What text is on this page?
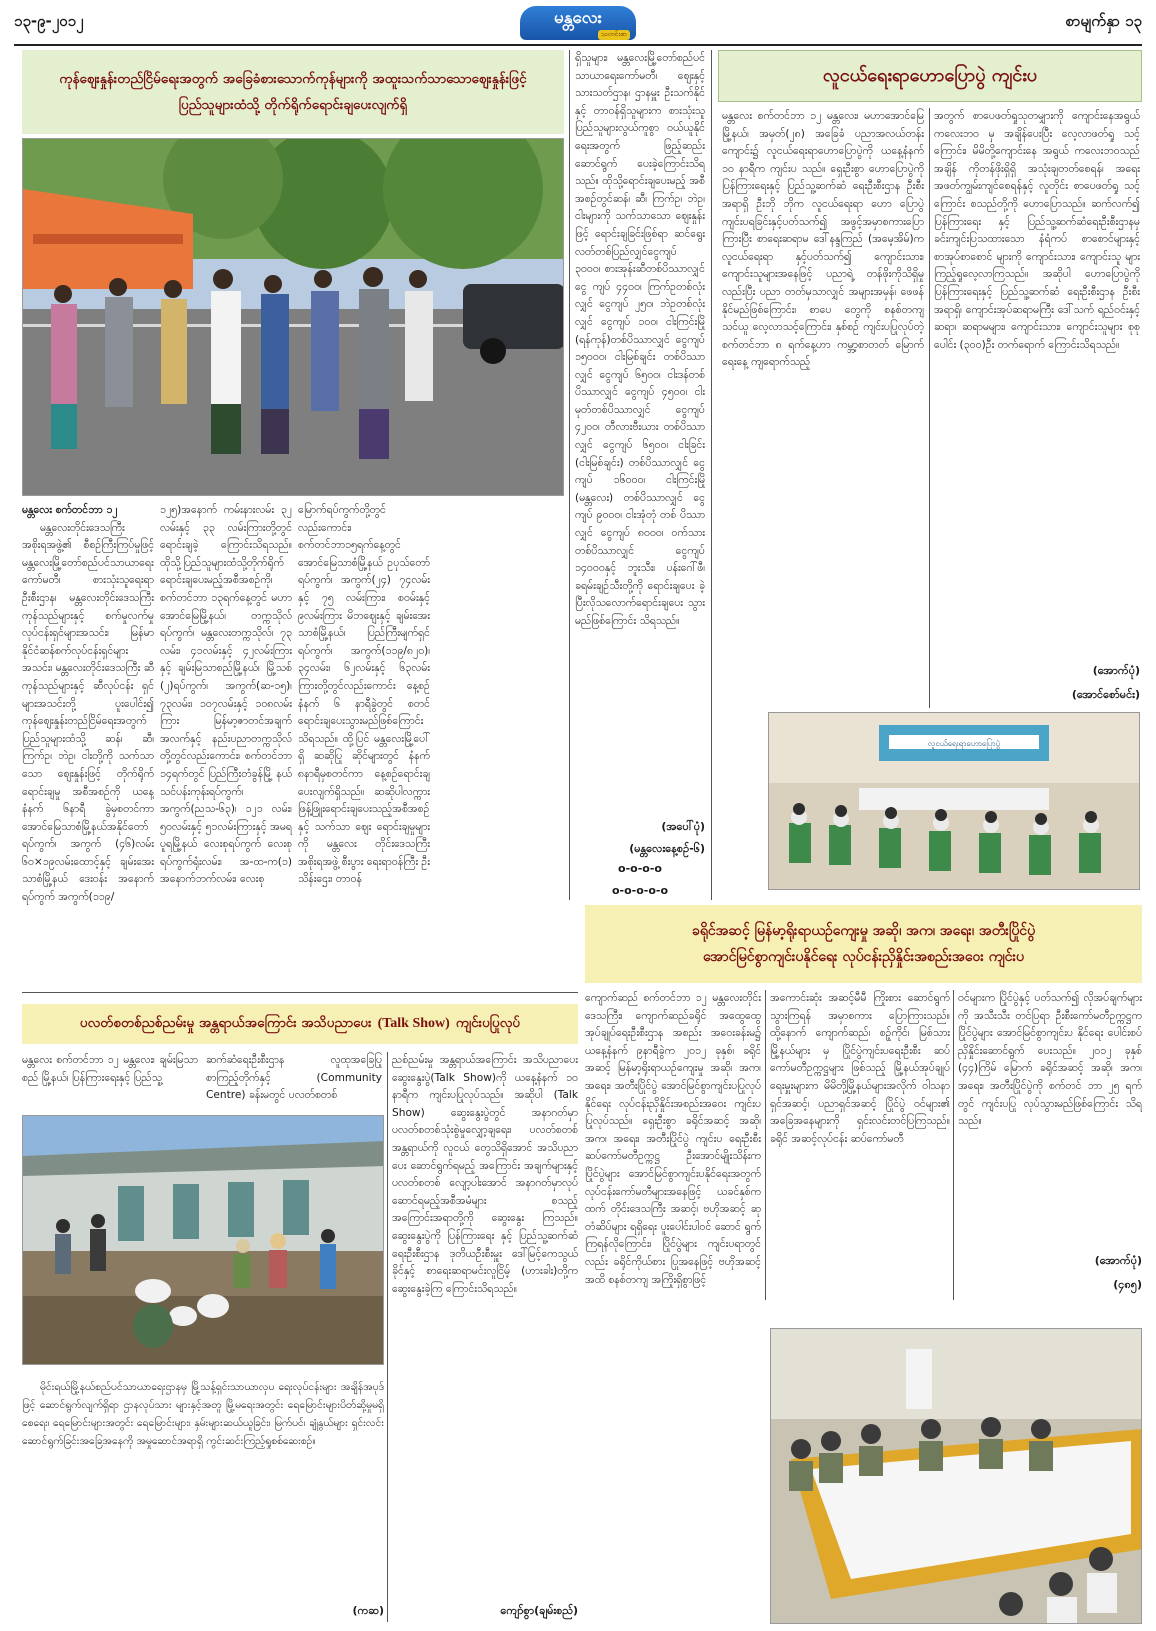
၁၃-၉-၂၀၁၂	မန္တလေး
သတင်းစာ
စာမျက်နှာ ၁၃
ကုန်ဈေးနှုန်းတည်ငြိမ်ရေးအတွက် အခြေခံစားသောက်ကုန်များကို အထူးသက်သာသောဈေးနှုန်းဖြင့်
ပြည်သူများထံသို့ တိုက်ရိုက်ရောင်းချပေးလျက်ရှိ

မန္တလေး စက်တင်ဘာ ၁၂

မန္တလေးတိုင်းဒေသကြီး အစိုးရအဖွဲ့၏ စီစဉ်ကြီးကြပ်မှုဖြင့် မန္တလေးမြို့တော်စည်ပင်သာယာရေးကော်မတီ၊ စားသုံးသူရေးရာ ဦးစီးဌာန၊ မန္တလေးတိုင်းဒေသကြီး ကုန်သည်များနှင့် စက်မှုလက်မှု လုပ်ငန်းရှင်များအသင်း၊ မြန်မာ နိုင်ငံဆန်စက်လုပ်ငန်းရှင်များ အသင်း၊ မန္တလေးတိုင်းဒေသကြီး ဆီကုန်သည်များနှင့် ဆီလုပ်ငန်း ရှင်များအသင်းတို့ ပူးပေါင်း၍ ကုန်ဈေးနှုန်းတည်ငြိမ်ရေးအတွက် ပြည်သူများထံသို့ ဆန်၊ ဆီ၊ ကြက်ဥ၊ ဘဲဥ၊ ငါးတို့ကို သက်သာသော ဈေးနှုန်းဖြင့် တိုက်ရိုက်ရောင်းချမှု အစီအစဉ်ကို ယနေ့ နံနက် ၆နာရီ ခွဲမှစတင်ကာ အောင်မြေသာစံမြို့နယ်အနိုင်တော်ရပ်ကွက်၊ အကွက် (၄၆)လမ်း ၆၀×၁၉လမ်းထောင့်နှင့် ချမ်းအေးသာစံမြို့နယ် ဒေးဝန်း အနောက်ရပ်ကွက် အကွက်(၁၁၉/

၁၂၅)အနောက် ကမ်းနားလမ်း ၃၂ လမ်းနှင့် ၃၃ လမ်းကြားတို့တွင် ရောင်းချခဲ့ ကြောင်းသိရသည်။ ထိုသို့ပြည်သူများထံသို့တိုက်ရိုက်ရောင်းချပေးမည့်အစီအစဉ်ကို၊ စက်တင်ဘာ ၁၃ရက်နေ့တွင် မဟာအောင်မြေမြို့နယ်၊ တက္ကသိုလ်ရပ်ကွက်၊ မန္တလေးတက္ကသိုလ်၊ ၇၃ လမ်း၊ ၄၁လမ်းနှင့် ၄၂လမ်းကြား နှင့် ချမ်းမြသာစည်မြို့နယ်၊ မြို့သစ် (၂)ရပ်ကွက်၊ အကွက်(ဆ-၁၅)၊ ၇၃လမ်း၊ ၁၀၇လမ်းနှင့် ၁၀၈လမ်း ကြား မြန်မာ့ဇာတင်အချက် အလက်နှင့် နည်းပညာတက္ကသိုလ် တို့တွင်လည်းကောင်း၊ စက်တင်ဘာ ၁၄ရက်တွင် ပြည်ကြီးတံခွန်မြို့ နယ် သင်ပန်းကုန်းရပ်ကွက်၊ အကွက်(ညသ-၆၃)၊ ၁၂၁ လမ်း၊ ၅၀လမ်းနှင့် ၅၁လမ်းကြားနှင့် အမရပူရမြို့နယ် လေးစုရပ်ကွက် လေးစု ရပ်ကွက်ရုံးလမ်း၊ အ-ထ-က(၁) အနောက်ဘက်လမ်း၊ လေးစု

မြောက်ရပ်ကွက်တို့တွင် လည်းကောင်း၊ စက်တင်ဘာ၁၅ရက်နေ့တွင် အောင်မြေသာစံမြို့နယ် ဥပုသ်တော်ရပ်ကွက်၊ အကွက်(၂၄) ၇၄လမ်းနှင့် ၇၅ လမ်းကြား၊ စဝမ်းနှင့် ၉လမ်းကြား မိဘဈေးနှင့် ချမ်းအေးသာစံမြို့နယ်၊ ပြည်ကြီးမျက်ရှင် ရပ်ကွက်၊ အကွက်(၁၁၉/၈၂၀)၊ ၃၄လမ်း၊ ၆၂လမ်းနှင့် ၆၃လမ်း ကြားတို့တွင်လည်းကောင်း နေ့စဉ် နံနက် ၆ နာရီခွဲတွင် စတင် ရောင်းချပေးသွားမည်ဖြစ်ကြောင်း သိရသည်။ ထို့ပြင် မန္တလေးမြို့ပေါ်ရှိ ဆဆိုပြု ဆိုင်များတွင် နံနက် ၈နာရီမှစတင်ကာ နေ့စဉ်ရောင်းချ ပေးလျက်ရှိသည်။ ဆဆိုပါလက္ကားဖြန့်ဖြူးရောင်းချပေးသည့်အစီအစဉ်နှင့် သက်သာ ဈေး ရောင်းချမှုများကို မန္တလေး တိုင်းဒေသကြီးအစိုးရအဖွဲ့ စီးပွား ရေးရာဝန်ကြီး ဦးသိန်းဌေး၊ တာဝန်

ရှိသူများ၊ မန္တလေးမြို့တော်စည်ပင် သာယာရေးကော်မတီ၊ ဈေးနှင့် သားသတ်ဌာန၊ ဌာနမှူး ဦးသက်နိုင်နှင့် တာဝန်ရှိသူများက စားသုံးသူ ပြည်သူများလွယ်ကူစွာ ဝယ်ယူနိုင် ရေးအတွက် ဖြည့်ဆည်းဆောင်ရွက် ပေးခဲ့ကြောင်းသိရသည်။ ထိုသို့ရောင်းချပေးမည့် အစီ အစဉ်တွင်ဆန်၊ ဆီ၊ ကြက်ဥ၊ ဘဲဥ၊ ငါးများကို သက်သာသော ဈေးနှုန်း ဖြင့် ရောင်းချခြင်းဖြစ်ရာ ဆင်ရွေး လတ်တစ်ပြည်လျှင်ငွေကျပ် ၃၀၀၀၊ စားအုန်းဆီတစ်ပိဿာလျှင် ငွေ ကျပ် ၄၄၀၀၊ ကြက်ဥတစ်လုံးလျှင် ငွေကျပ် ၂၅၀၊ ဘဲဥတစ်လုံးလျှင် ငွေကျပ် ၁၀၀၊ ငါးကြင်းမြို (ရန်ကုန်)တစ်ပိဿာလျှင် ငွေကျပ် ၁၅၀၀၀၊ ငါးမြစ်ချင်း တစ်ပိဿာ လျှင် ငွေကျပ် ၆၅၀၀၊ ငါးဒန်တစ် ပိဿာလျှင် ငွေကျပ် ၄၅၀၀၊ ငါး မုတ်တစ်ပိဿာလျှင် ငွေကျပ် ၄၂၀၀၊ တီလားဗီးယား တစ်ပိဿာ လျှင် ငွေကျပ် ၆၅၀၀၊ ငါးခြင်း (ငါးမြစ်ချင်း) တစ်ပိဿာလျှင် ငွေ ကျပ် ၁၆၀၀၀၊ ငါးကြင်းမြို (မန္တလေး) တစ်ပိဿာလျှင် ငွေ ကျပ် ၉၀၀၀၊ ငါးအုံတုံ တစ် ပိဿာလျှင် ငွေကျပ် ၈၀၀၀၊ ဝက်သား တစ်ပိဿာလျှင် ငွေကျပ် ၁၄၀၀၀နှင့် ဘူးသီး၊ ပန်းဂေါ်ဖီ၊ ခရမ်းချဉ်သီးတို့ကို ရောင်းချပေး ခဲ့ပြီးလိုသလောက်ရောင်းချပေး သွားမည်ဖြစ်ကြောင်း သိရသည်။

(အပေါ်ပုံ)
(မန္တလေးနေ့စဉ်-၆)
o-o-o-o
o-o-o-o-o
လူငယ်ရေးရာဟောပြောပွဲ ကျင်းပ

မန္တလေး စက်တင်ဘာ ၁၂ မန္တလေး၊ မဟာအောင်မြေ မြို့နယ်၊ အမှတ်(၂၈) အခြေခံ ပညာအလယ်တန်းကျောင်း၌ လူငယ်ရေးရာဟောပြောပွဲကို ယနေ့နံနက် ၁၀ နာရီက ကျင်းပ သည်။ ရှေးဦးစွာ ဟောပြောပွဲကို ပြန်ကြားရေးနှင့် ပြည်သူ့ဆက်ဆံ ရေးဦးစီးဌာန ဦးစီးအရာရှိ ဦးဘို ဘိုက လူငယ်ရေးရာ ဟော ပြောပွဲကျင်းပရခြင်းနှင့်ပတ်သက်၍ အဖွင့်အမှာစကားပြောကြားပြီး စာရေးဆရာမ ဒေါ်နန္ဒကြည် (အမေ့အိမ်)က လူငယ်ရေးရာ နှင့်ပတ်သက်၍ ကျောင်းသား၊ ကျောင်းသူများအနေဖြင့် ပညာရဲ့ တန်ဖိုးကိုသိရှိမှုလည်းပြီး ပညာ တတ်မှသာလျှင် အများအမှန်၊ ဖေဖန်နိုင်မည်ဖြစ်ကြောင်း၊ စာပေ တွေကို စနစ်တကျ သင်ယူ လေ့လာသင့်ကြောင်း၊ နှစ်စဉ် ကျင်းပပြုလုပ်တဲ့ စက်တင်ဘာ ၈ ရက်နေ့ဟာ ကမ္ဘာ့စာတတ် မြောက်ရေးနေ့ ကျရောက်သည့်

အတွက် စာပေဖတ်ရှုသုတမျှားကို ကျောင်းနေအရွယ် ကလေးဘဝ မှ အချိန်ပေးပြီး လေ့လာဖတ်ရှု သင့်ကြောင်း၊ မိမိတို့ကျောင်းနေ အရွယ် ကလေးဘဝသည် အချိန် ကိုတန်ဖိုးရှိရှိ အသုံးချတတ်စေရန်၊ အရေးအဖတ်ကျွမ်းကျင်စေရန်နှင့် လူတိုင်း စာပေဖတ်ရှု သင့်ကြောင်း စသည်တို့ကို ဟောပြောသည်။ ဆက်လက်၍ ပြန်ကြားရေး နှင့် ပြည်သူ့ဆက်ဆံရေးဦးစီးဌာနမှ ခင်းကျင်းပြသထားသော နံရံကပ် စာစောင်များနှင့် စာအုပ်စာစောင် များကို ကျောင်းသား၊ ကျောင်းသူ များ ကြည့်ရှုလေ့လာကြသည်။ အဆိုပါ ဟောပြောပွဲကို ပြန်ကြားရေးနှင့် ပြည်သူ့ဆက်ဆံ ရေးဦးစီးဌာန ဦးစီးအရာရှိ၊ ကျောင်းအုပ်ဆရာမကြီး ဒေါ်သက် ရည်ဝင်းနှင့် ဆရာ၊ ဆရာမများ၊ ကျောင်းသား၊ ကျောင်းသူများ စုစု ပေါင်း (၃၀၀)ဦး တက်ရောက် ကြောင်းသိရသည်။

(အောက်ပုံ)
(အောင်စော်မင်း)
လူငယ်ရေးရာဟောပြောပွဲ
ခရိုင်အဆင့် မြန်မာ့ရိုးရာယဉ်ကျေးမှု အဆို၊ အက၊ အရေး၊ အတီးပြိုင်ပွဲ
အောင်မြင်စွာကျင်းပနိုင်ရေး လုပ်ငန်းညှိနှိုင်းအစည်းအဝေး ကျင်းပ

ကျောက်ဆည် စက်တင်ဘာ ၁၂ မန္တလေးတိုင်းဒေသကြီး၊ ကျောက်ဆည်ခရိုင် အထွေထွေ အုပ်ချုပ်ရေးဦးစီးဌာန အစည်း အဝေးခန်းမ၌ ယနေ့နံနက် ၉နာရီခွဲက ၂၀၁၂ ခုနှစ်၊ ခရိုင် အဆင့် မြန်မာ့ရိုးရာယဉ်ကျေးမှု အဆို၊ အက၊ အရေး၊ အတီးပြိုင်ပွဲ အောင်မြင်စွာကျင်းပပြုလုပ်နိုင်ရေး လုပ်ငန်းညှိနှိုင်းအစည်းအဝေး ကျင်းပပြုလုပ်သည်။ ရှေးဦးစွာ ခရိုင်အဆင့် အဆို၊ အက၊ အရေး၊ အတီးပြိုင်ပွဲ ကျင်းပ ရေးဦးစီးဆပ်ကော်မတီဥက္ကဋ္ဌ ဦးအောင်မျိုးသိန်းက ပြိုင်ပွဲများ အောင်မြင်စွာကျင်းပနိုင်ရေးအတွက် လုပ်ငန်းကော်မတီများအနေဖြင့် ယခင်နှစ်ကထက် တိုင်းဒေသကြီး အဆင့်၊ ဗဟိုအဆင့် ဆုတံဆိပ်များ ရရှိရေး ပူးပေါင်းပါဝင် ဆောင် ရွက်ကြရန်လိုကြောင်း၊ ပြိုင်ပွဲများ ကျင်းပရာတွင်လည်း ခရိုင်ကိုယ်စား ပြုအနေဖြင့် ဗဟိုအဆင့် အထိ စနစ်တကျ အကြိုးရှိစွာဖြင့်

အကောင်းဆုံး အဆင့်မီမီ ကြိုးစား ဆောင်ရွက်သွားကြရန် အမှာစကား ပြောကြားသည်။ ထို့နောက် ကျောက်ဆည်၊ စဉ့်ကိုင်၊ မြစ်သားမြို့နယ်များ မှ ပြိုင်ပွဲကျင်းပရေးဦးစီး ဆပ် ကော်မတီဥက္ကဋ္ဌများ ဖြစ်သည့် မြို့နယ်အုပ်ချုပ်ရေးမှူးများက မိမိတို့မြို့နယ်များအလိုက် ဝါသနာ ရှင်အဆင့်၊ ပညာရှင်အဆင့် ပြိုင်ပွဲ ဝင်များ၏ အခြေအနေများကို ရှင်းလင်းတင်ပြကြသည်။ ခရိုင် အဆင့်လုပ်ငန်း ဆပ်ကော်မတီ

ဝင်များက ပြိုင်ပွဲနှင့် ပတ်သက်၍ လိုအပ်ချက်များကို အသီးသီး တင်ပြရာ ဦးစီးကော်မတီဥက္ကဋ္ဌက ပြိုင်ပွဲများ အောင်မြင်စွာကျင်းပ နိုင်ရေး ပေါင်းစပ်ညှိနှိုင်းဆောင်ရွက် ပေးသည်။ ၂၀၁၂ ခုနှစ် (၄၄)ကြိမ် မြောက် ခရိုင်အဆင့် အဆို၊ အက၊ အရေး၊ အတီးပြိုင်ပွဲကို စက်တင် ဘာ ၂၅ ရက်တွင် ကျင်းပပြု လုပ်သွားမည်ဖြစ်ကြောင်း သိရ သည်။

(အောက်ပုံ)
(၄၈၅)
ပလတ်စတစ်ညစ်ညမ်းမှု အန္တရာယ်အကြောင်း အသိပညာပေး (Talk Show) ကျင်းပပြုလုပ်

မန္တလေး စက်တင်ဘာ ၁၂ မန္တလေး၊ ချမ်းမြသာစည် မြို့နယ်၊ ပြန်ကြားရေးနှင့် ပြည်သူ့

ဆက်ဆံရေးဦးစီးဌာန လူထုအခြေပြုစာကြည့်တိုက်နှင့် (Community Centre) ခန်းမတွင် ပလတ်စတစ်

ညစ်ညမ်းမှု အန္တရာယ်အကြောင်း အသိပညာပေး ဆွေးနွေးပွဲ(Talk Show)ကို ယနေ့နံနက် ၁၀ နာရီက ကျင်းပပြုလုပ်သည်။ အဆိုပါ (Talk Show) ဆွေးနွေးပွဲတွင် အနာဂတ်မှာ ပလတ်စတစ်သုံးစွဲမှုလျှော့ချရေး၊ ပလတ်စတစ်အန္တရာယ်ကို လူငယ် တွေသိရှိအောင် အသိပညာပေး ဆောင်ရွက်ရမည့် အကြောင်း အချက်များနှင့် ပလတ်စတစ် လျော့ပါးအောင် အနာဂတ်မှာလုပ် ဆောင်ရမည့်အစီအမံများ စသည့် အကြောင်းအရာတို့ကို ဆွေးနွေး ကြသည်။ ဆွေးနွေးပွဲကို ပြန်ကြားရေး နှင့် ပြည်သူ့ဆက်ဆံရေးဦးစီးဌာန ဒုတိယဦးစီးမှူး ဒေါ်မြင့်ကေသွယ် ခိုင်နှင့် စာရေးဆရာမင်းလူငြိမ့် (ဟားခါး)တို့က ဆွေးနွေးခဲ့ကြ ကြောင်းသိရသည်။

ကျော်စွာ(ချမ်းစည်)

မိုင်းရယ်မြို့နယ်စည်ပင်သာယာရေးဌာနမှ မြို့သန့်ရှင်းသာယာလှပ ရေးလုပ်ငန်းများ အချိန်အပုဒ်ဖြင့် ဆောင်ရွက်လျက်ရှိရာ ဌာနလုပ်သား များနှင့်အတူ မြို့မရေးအတွင်း ရေမြောင်းများပိတ်ဆို့မှုမရှိစေရေး၊ ရေမြောင်းများအတွင်း ရေမြောင်းများ၊ နှမ်းများဆယ်ယူခြင်း၊ မြက်ပင်၊ ချုံနွယ်များ ရှင်းလင်းဆောင်ရွက်ခြင်းအခြေအနေကို အမှုဆောင်အရာရှိ ကွင်းဆင်းကြည့်ရှုစစ်ဆေးစဉ်။

(ကဆ)
